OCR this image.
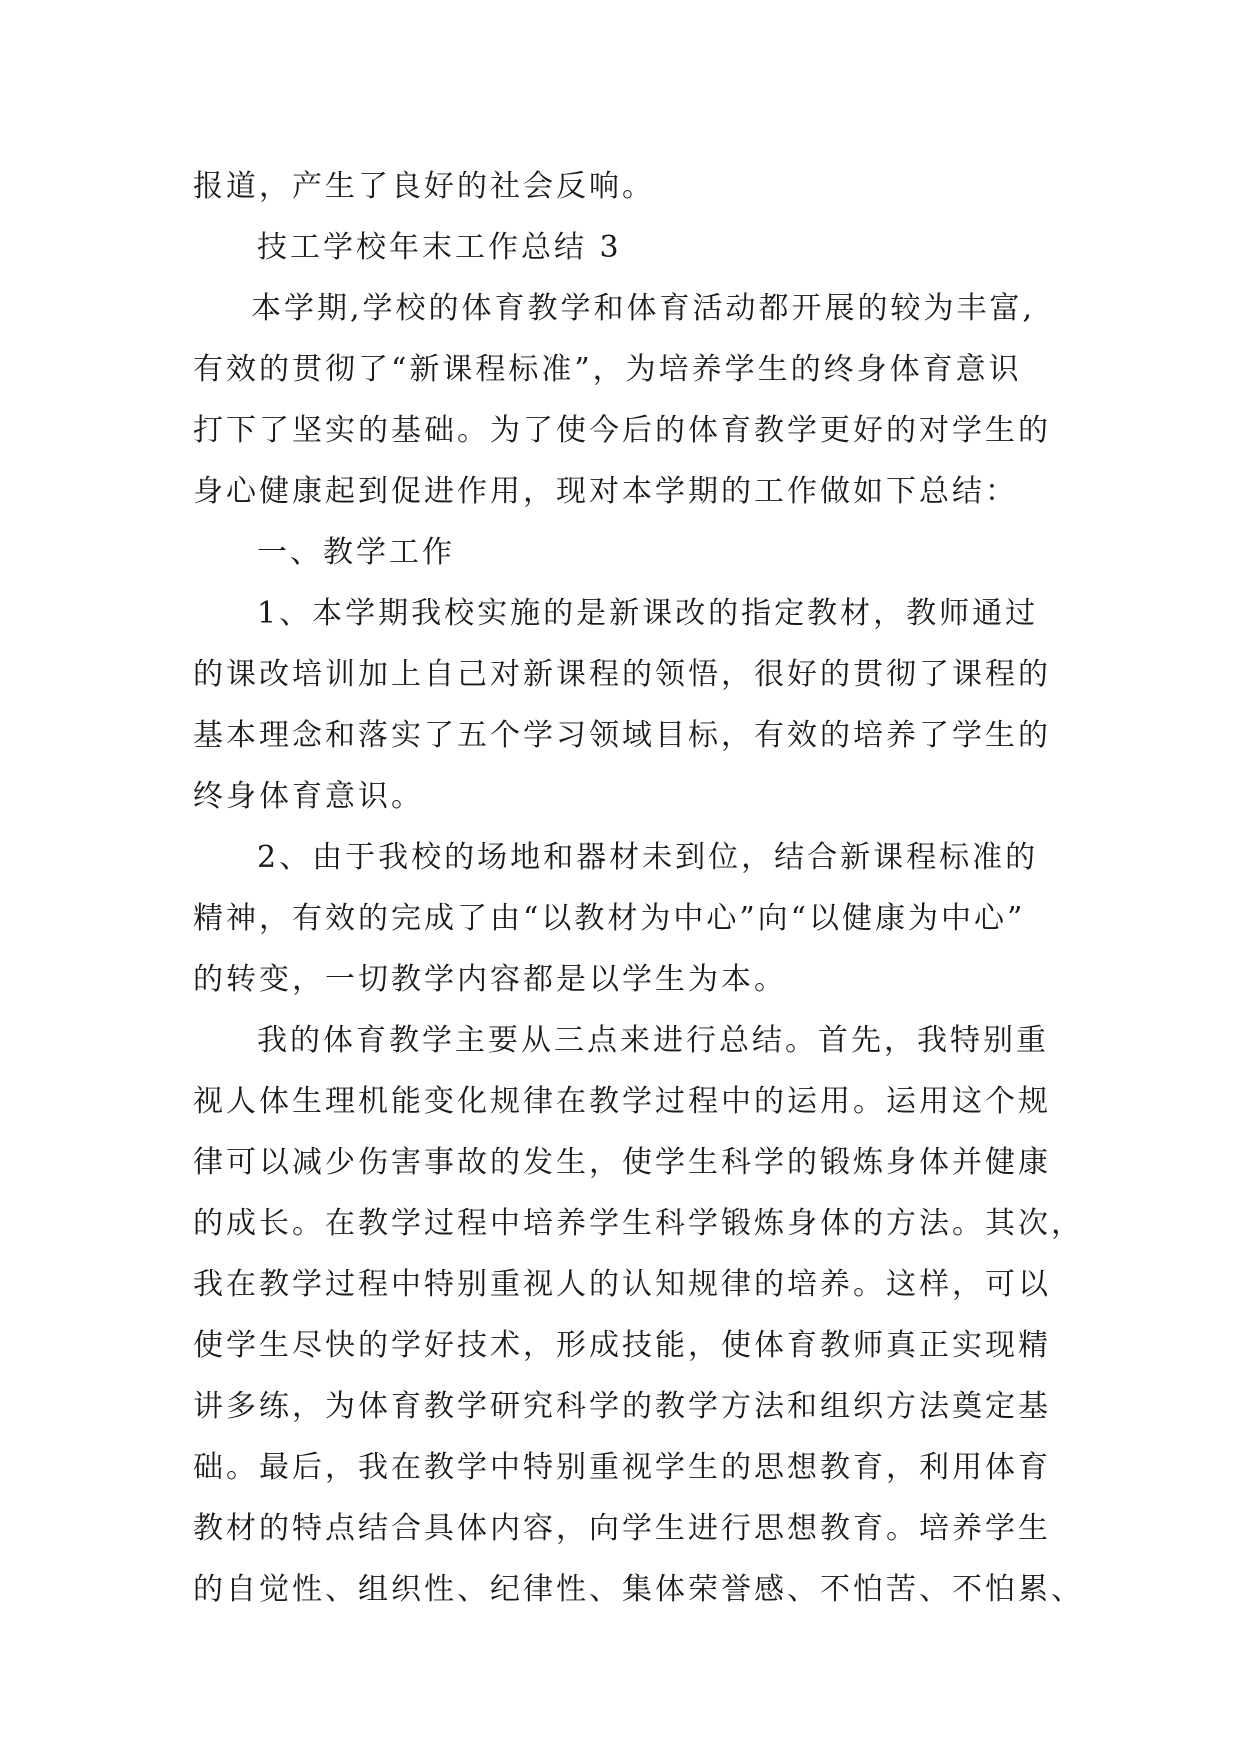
报道，产生了良好的社会反响。

技工学校年末工作总结 3

本学期,学校的体育教学和体育活动都开展的较为丰富,

有效的贯彻了“新课程标准”，为培养学生的终身体育意识

打下了坚实的基础。为了使今后的体育教学更好的对学生的

身心健康起到促进作用，现对本学期的工作做如下总结：

一、教学工作

1、本学期我校实施的是新课改的指定教材，教师通过

的课改培训加上自己对新课程的领悟，很好的贯彻了课程的

基本理念和落实了五个学习领域目标，有效的培养了学生的

终身体育意识。

2、由于我校的场地和器材未到位，结合新课程标准的

精神，有效的完成了由“以教材为中心”向“以健康为中心”

的转变，一切教学内容都是以学生为本。

我的体育教学主要从三点来进行总结。首先，我特别重

视人体生理机能变化规律在教学过程中的运用。运用这个规

律可以减少伤害事故的发生，使学生科学的锻炼身体并健康

的成长。在教学过程中培养学生科学锻炼身体的方法。其次，

我在教学过程中特别重视人的认知规律的培养。这样，可以

使学生尽快的学好技术，形成技能，使体育教师真正实现精

讲多练，为体育教学研究科学的教学方法和组织方法奠定基

础。最后，我在教学中特别重视学生的思想教育，利用体育

教材的特点结合具体内容，向学生进行思想教育。培养学生

的自觉性、组织性、纪律性、集体荣誉感、不怕苦、不怕累、
